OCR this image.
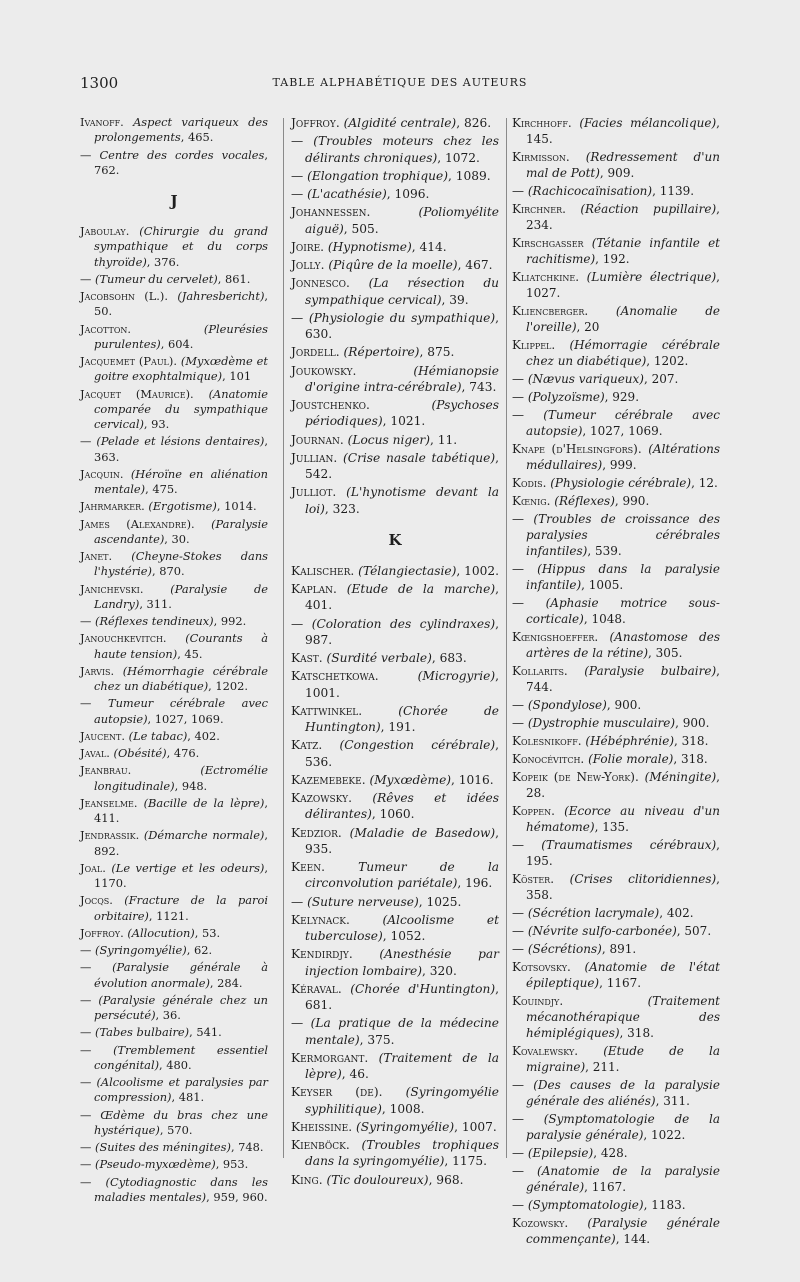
1300	TABLE ALPHABÉTIQUE DES AUTEURS

Ivanoff. Aspect variqueux des prolongements, 465.

— Centre des cordes vocales, 762.

J

Jaboulay. (Chirurgie du grand sympathique et du corps thyroïde), 376.

— (Tumeur du cervelet), 861.

Jacobsohn (L.). (Jahresbericht), 50.

Jacotton.	(Pleurésies purulentes), 604.

Jacquemet (Paul). (Myxœdème et goitre exophtalmique), 101

Jacquet (Maurice). (Anatomie comparée du sympathique cervical), 93.

— (Pelade et lésions dentaires), 363.

Jacquin. (Héroïne en aliénation mentale), 475.

Jahrmarker. (Ergotisme), 1014.

James (Alexandre). (Paralysie ascendante), 30.

Janet. (Cheyne-Stokes dans l'hystérie), 870.

Janichevski. (Paralysie de Landry), 311.

— (Réflexes tendineux), 992.

Janouchkevitch. (Courants à haute tension), 45.

Jarvis. (Hémorrhagie cérébrale chez un diabétique), 1202.

— Tumeur cérébrale avec autopsie), 1027, 1069.

Jaucent. (Le tabac), 402.

Javal. (Obésité), 476.

Jeanbrau.	(Ectromélie longitudinale), 948.

Jeanselme. (Bacille de la lèpre), 411.

Jendrassik. (Démarche normale), 892.

Joal. (Le vertige et les odeurs), 1170.

Jocqs. (Fracture de la paroi orbitaire), 1121.

Joffroy. (Allocution), 53.

— (Syringomyélie), 62.

— (Paralysie générale à évolution anormale), 284.

— (Paralysie générale chez un persécuté), 36.

— (Tabes bulbaire), 541.

— (Tremblement essentiel congénital), 480.

— (Alcoolisme et paralysies par compression), 481.

— Œdème du bras chez une hystérique), 570.

— (Suites des méningites), 748.

— (Pseudo-myxœdème), 953.

— (Cytodiagnostic dans les maladies mentales), 959, 960.

Joffroy. (Algidité centrale), 826.

— (Troubles moteurs chez les délirants chroniques), 1072.

— (Elongation trophique), 1089.

— (L'acathésie), 1096.

Johannessen.	(Poliomyélite aiguë), 505.

Joire. (Hypnotisme), 414.

Jolly. (Piqûre de la moelle), 467.

Jonnesco. (La résection du sympathique cervical), 39.

— (Physiologie du sympathique), 630.

Jordell. (Répertoire), 875.

Joukowsky.	(Hémianopsie d'origine intra-cérébrale), 743.

Joustchenko.	(Psychoses périodiques), 1021.

Journan. (Locus niger), 11.

Jullian. (Crise nasale tabétique), 542.

Julliot. (L'hynotisme devant la loi), 323.

K

Kalischer. (Télangiectasie), 1002.

Kaplan. (Etude de la marche), 401.

— (Coloration des cylindraxes), 987.

Kast. (Surdité verbale), 683.

Katschetkowa.	(Microgyrie), 1001.

Kattwinkel.	(Chorée de Huntington), 191.

Katz. (Congestion cérébrale), 536.

Kazemebeke. (Myxœdème), 1016.

Kazowsky. (Rêves et idées délirantes), 1060.

Kedzior. (Maladie de Basedow), 935.

Keen.	Tumeur de la circonvolution pariétale), 196.

— (Suture nerveuse), 1025.

Kelynack.	(Alcoolisme et tuberculose), 1052.

Kendirdjy. (Anesthésie par injection lombaire), 320.

Kéraval. (Chorée d'Huntington), 681.

— (La pratique de la médecine mentale), 375.

Kermorgant. (Traitement de la lèpre), 46.

Keyser (de). (Syringomyélie syphilitique), 1008.

Kheissine. (Syringomyélie), 1007.

Kienböck. (Troubles trophiques dans la syringomyélie), 1175.

King. (Tic douloureux), 968.

Kirchhoff. (Facies mélancolique), 145.

Kirmisson. (Redressement d'un mal de Pott), 909.

— (Rachicocaïnisation), 1139.

Kirchner. (Réaction pupillaire), 234.

Kirschgasser (Tétanie infantile et rachitisme), 192.

Kliatchkine. (Lumière électrique), 1027.

Kliencberger. (Anomalie de l'oreille), 20

Klippel. (Hémorragie cérébrale chez un diabétique), 1202.

— (Nævus variqueux), 207.

— (Polyzoïsme), 929.

— (Tumeur cérébrale avec autopsie), 1027, 1069.

Knape (d'Helsingfors). (Altérations médullaires), 999.

Kodis. (Physiologie cérébrale), 12.

Kœnig. (Réflexes), 990.

— (Troubles de croissance des paralysies cérébrales infantiles), 539.

— (Hippus dans la paralysie infantile), 1005.

— (Aphasie motrice sous-corticale), 1048.

Kœnigshoeffer. (Anastomose des artères de la rétine), 305.

Kollarits. (Paralysie bulbaire), 744.

— (Spondylose), 900.

— (Dystrophie musculaire), 900.

Kolesnikoff. (Hébéphrénie), 318.

Konocévitch. (Folie morale), 318.

Kopeik (de New-York). (Méningite), 28.

Koppen. (Ecorce au niveau d'un hématome), 135.

— (Traumatismes cérébraux), 195.

Köster. (Crises clitoridiennes), 358.

— (Sécrétion lacrymale), 402.

— (Névrite sulfo-carbonée), 507.

— (Sécrétions), 891.

Kotsovsky. (Anatomie de l'état épileptique), 1167.

Kouindjy.	(Traitement mécanothérapique des hémiplégiques), 318.

Kovalewsky. (Etude de la migraine), 211.

— (Des causes de la paralysie générale des aliénés), 311.

— (Symptomatologie de la paralysie générale), 1022.

— (Epilepsie), 428.

— (Anatomie de la paralysie générale), 1167.

— (Symptomatologie), 1183.

Kozowsky. (Paralysie générale commençante), 144.
